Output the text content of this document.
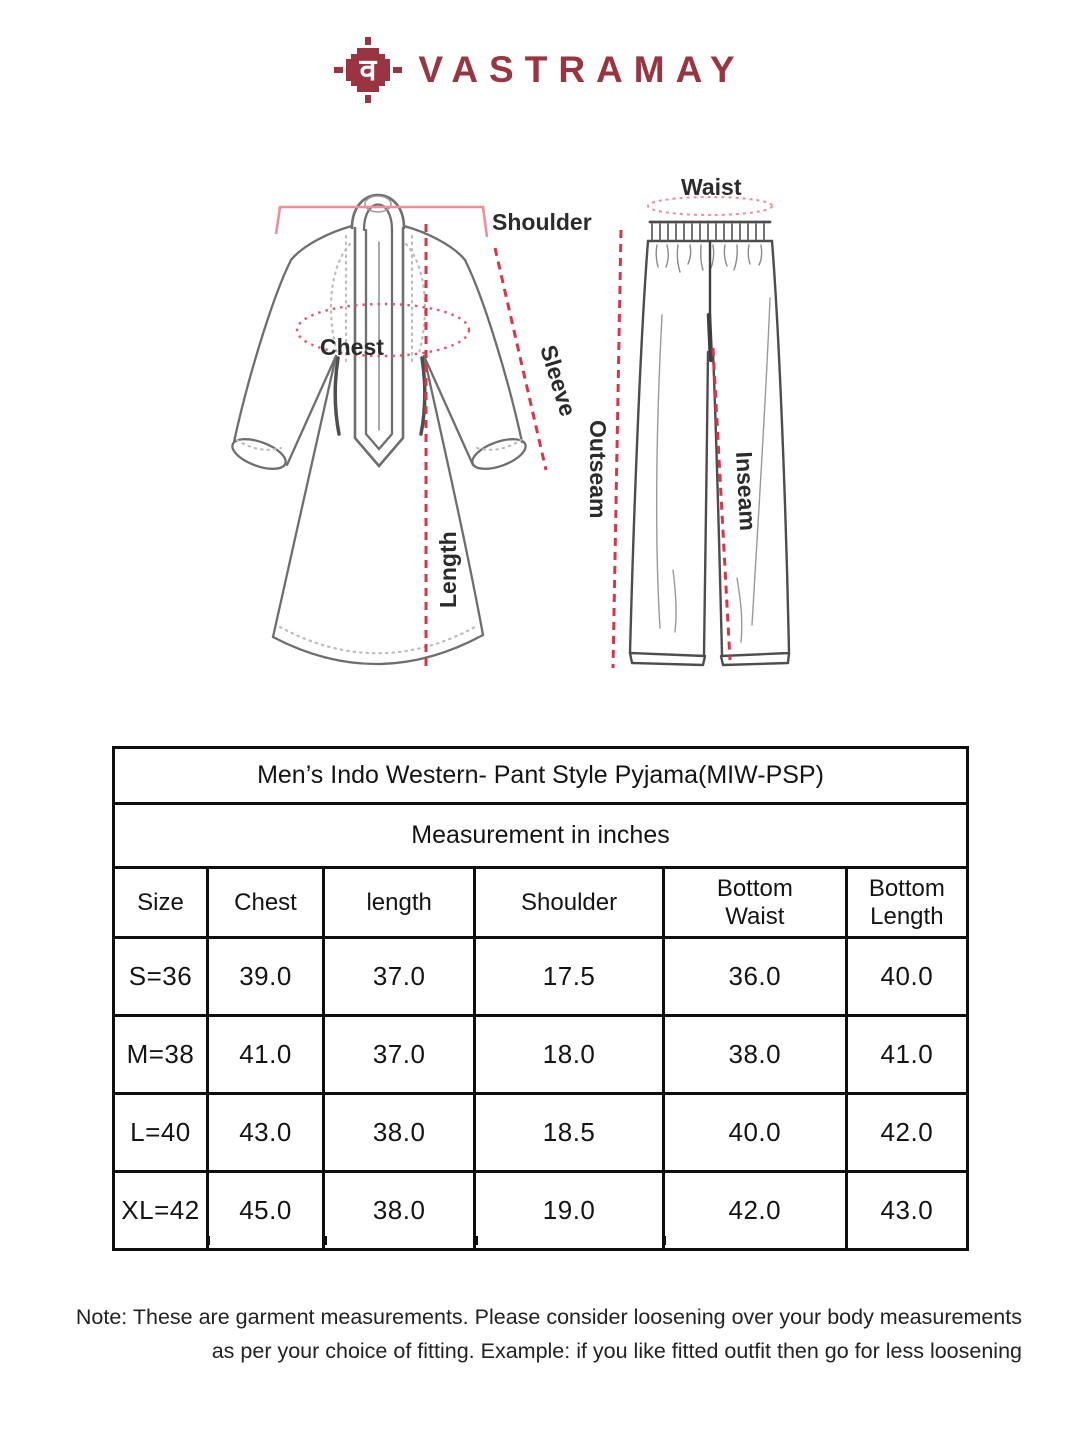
व VASTRAMAY
Shoulder
Chest	Sleeve
Length
Waist
Outseam	Inseam
Men’s Indo Western- Pant Style Pyjama(MIW-PSP)					
Measurement in inches					
Size	Chest	length	Shoulder	Bottom Waist	Bottom Length
S=36	39.0	37.0	17.5	36.0	40.0
M=38	41.0	37.0	18.0	38.0	41.0
L=40	43.0	38.0	18.5	40.0	42.0
XL=42	45.0	38.0	19.0	42.0	43.0
Note: These are garment measurements. Please consider loosening over your body measurements
as per your choice of fitting. Example: if you like fitted outfit then go for less loosening
